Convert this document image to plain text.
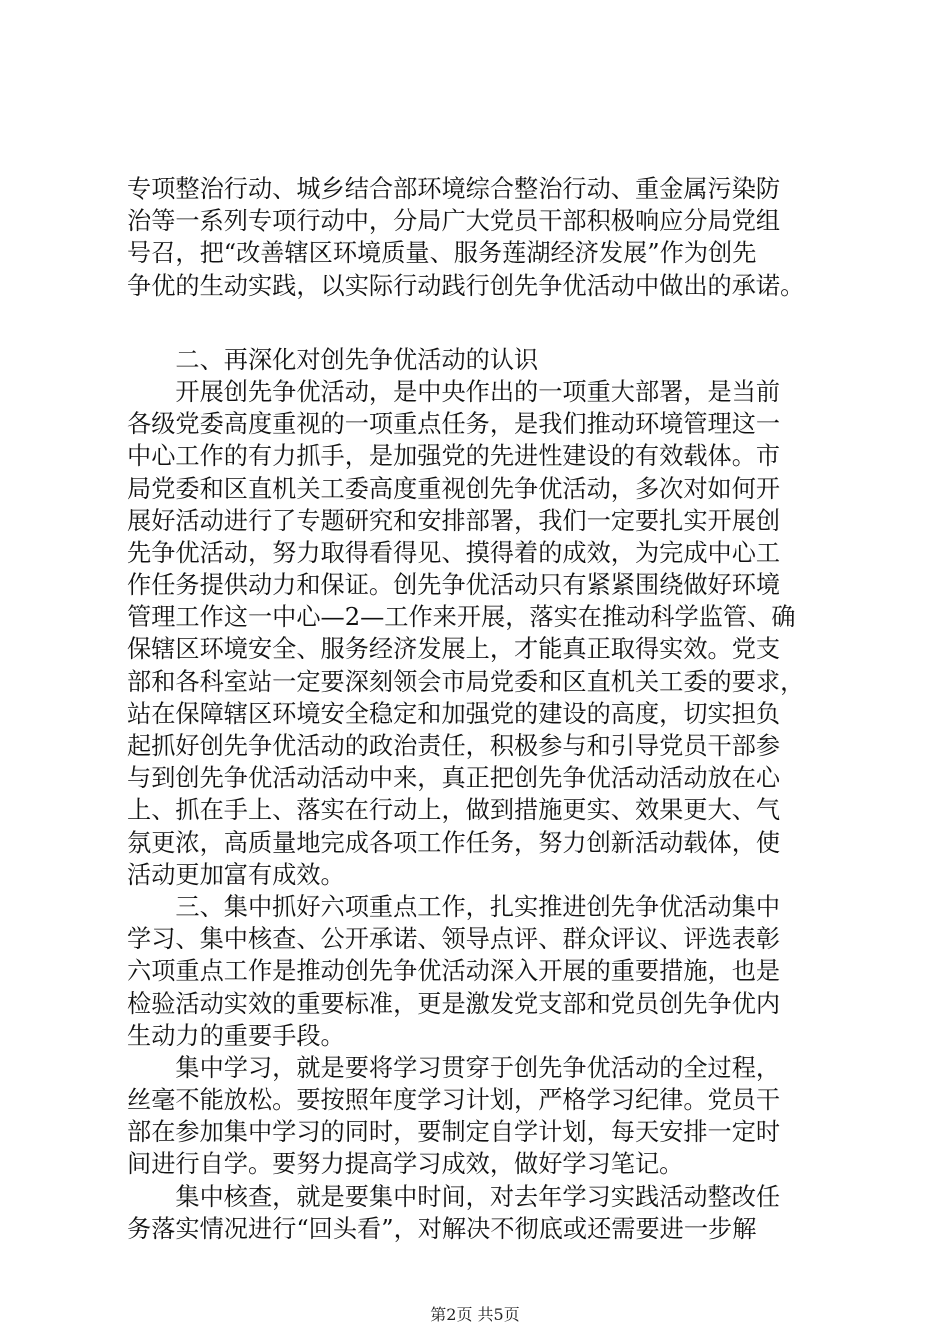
专项整治行动、城乡结合部环境综合整治行动、重金属污染防
治等一系列专项行动中，分局广大党员干部积极响应分局党组
号召，把“改善辖区环境质量、服务莲湖经济发展”作为创先
争优的生动实践，以实际行动践行创先争优活动中做出的承诺。
　　二、再深化对创先争优活动的认识
　　开展创先争优活动，是中央作出的一项重大部署，是当前
各级党委高度重视的一项重点任务，是我们推动环境管理这一
中心工作的有力抓手，是加强党的先进性建设的有效载体。市
局党委和区直机关工委高度重视创先争优活动，多次对如何开
展好活动进行了专题研究和安排部署，我们一定要扎实开展创
先争优活动，努力取得看得见、摸得着的成效，为完成中心工
作任务提供动力和保证。创先争优活动只有紧紧围绕做好环境
管理工作这一中心—2—工作来开展，落实在推动科学监管、确
保辖区环境安全、服务经济发展上，才能真正取得实效。党支
部和各科室站一定要深刻领会市局党委和区直机关工委的要求，
站在保障辖区环境安全稳定和加强党的建设的高度，切实担负
起抓好创先争优活动的政治责任，积极参与和引导党员干部参
与到创先争优活动活动中来，真正把创先争优活动活动放在心
上、抓在手上、落实在行动上，做到措施更实、效果更大、气
氛更浓，高质量地完成各项工作任务，努力创新活动载体，使
活动更加富有成效。
　　三、集中抓好六项重点工作，扎实推进创先争优活动集中
学习、集中核查、公开承诺、领导点评、群众评议、评选表彰
六项重点工作是推动创先争优活动深入开展的重要措施，也是
检验活动实效的重要标准，更是激发党支部和党员创先争优内
生动力的重要手段。
　　集中学习，就是要将学习贯穿于创先争优活动的全过程，
丝毫不能放松。要按照年度学习计划，严格学习纪律。党员干
部在参加集中学习的同时，要制定自学计划，每天安排一定时
间进行自学。要努力提高学习成效，做好学习笔记。
　　集中核查，就是要集中时间，对去年学习实践活动整改任
务落实情况进行“回头看”，对解决不彻底或还需要进一步解
第2页 共5页
